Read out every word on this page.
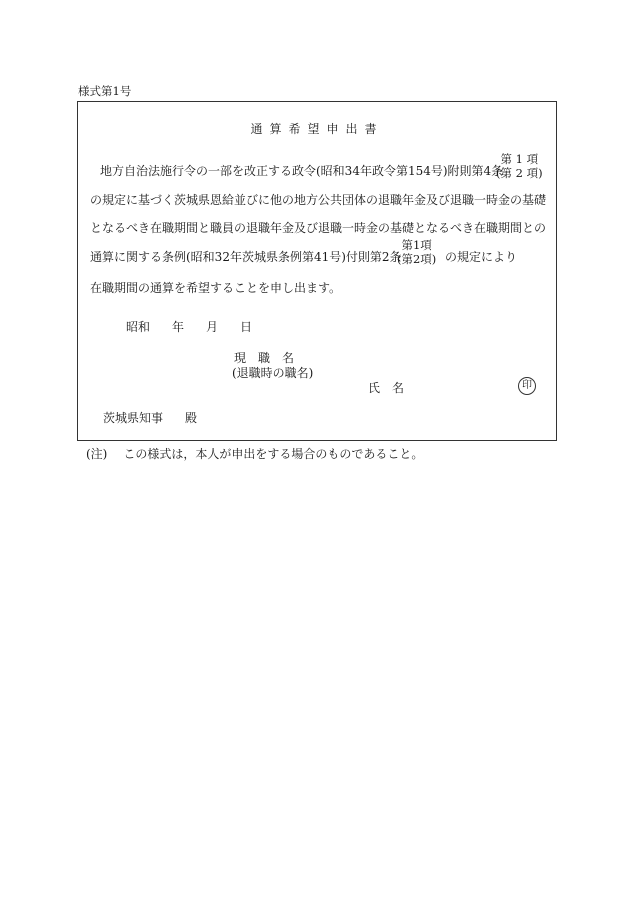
様式第1号
通算希望申出書
地方自治法施行令の一部を改正する政令(昭和34年政令第154号)附則第4条
第 1 項
(第 2 項)
の規定に基づく茨城県恩給並びに他の地方公共団体の退職年金及び退職一時金の基礎
となるべき在職期間と職員の退職年金及び退職一時金の基礎となるべき在職期間との
通算に関する条例(昭和32年茨城県条例第41号)付則第2条
第1項
(第2項) の規定により
在職期間の通算を希望することを申し出ます。
昭和 年 月 日
現　職　名
(退職時の職名)
氏　名	印
茨城県知事 殿
(注) この様式は，本人が申出をする場合のものであること。
